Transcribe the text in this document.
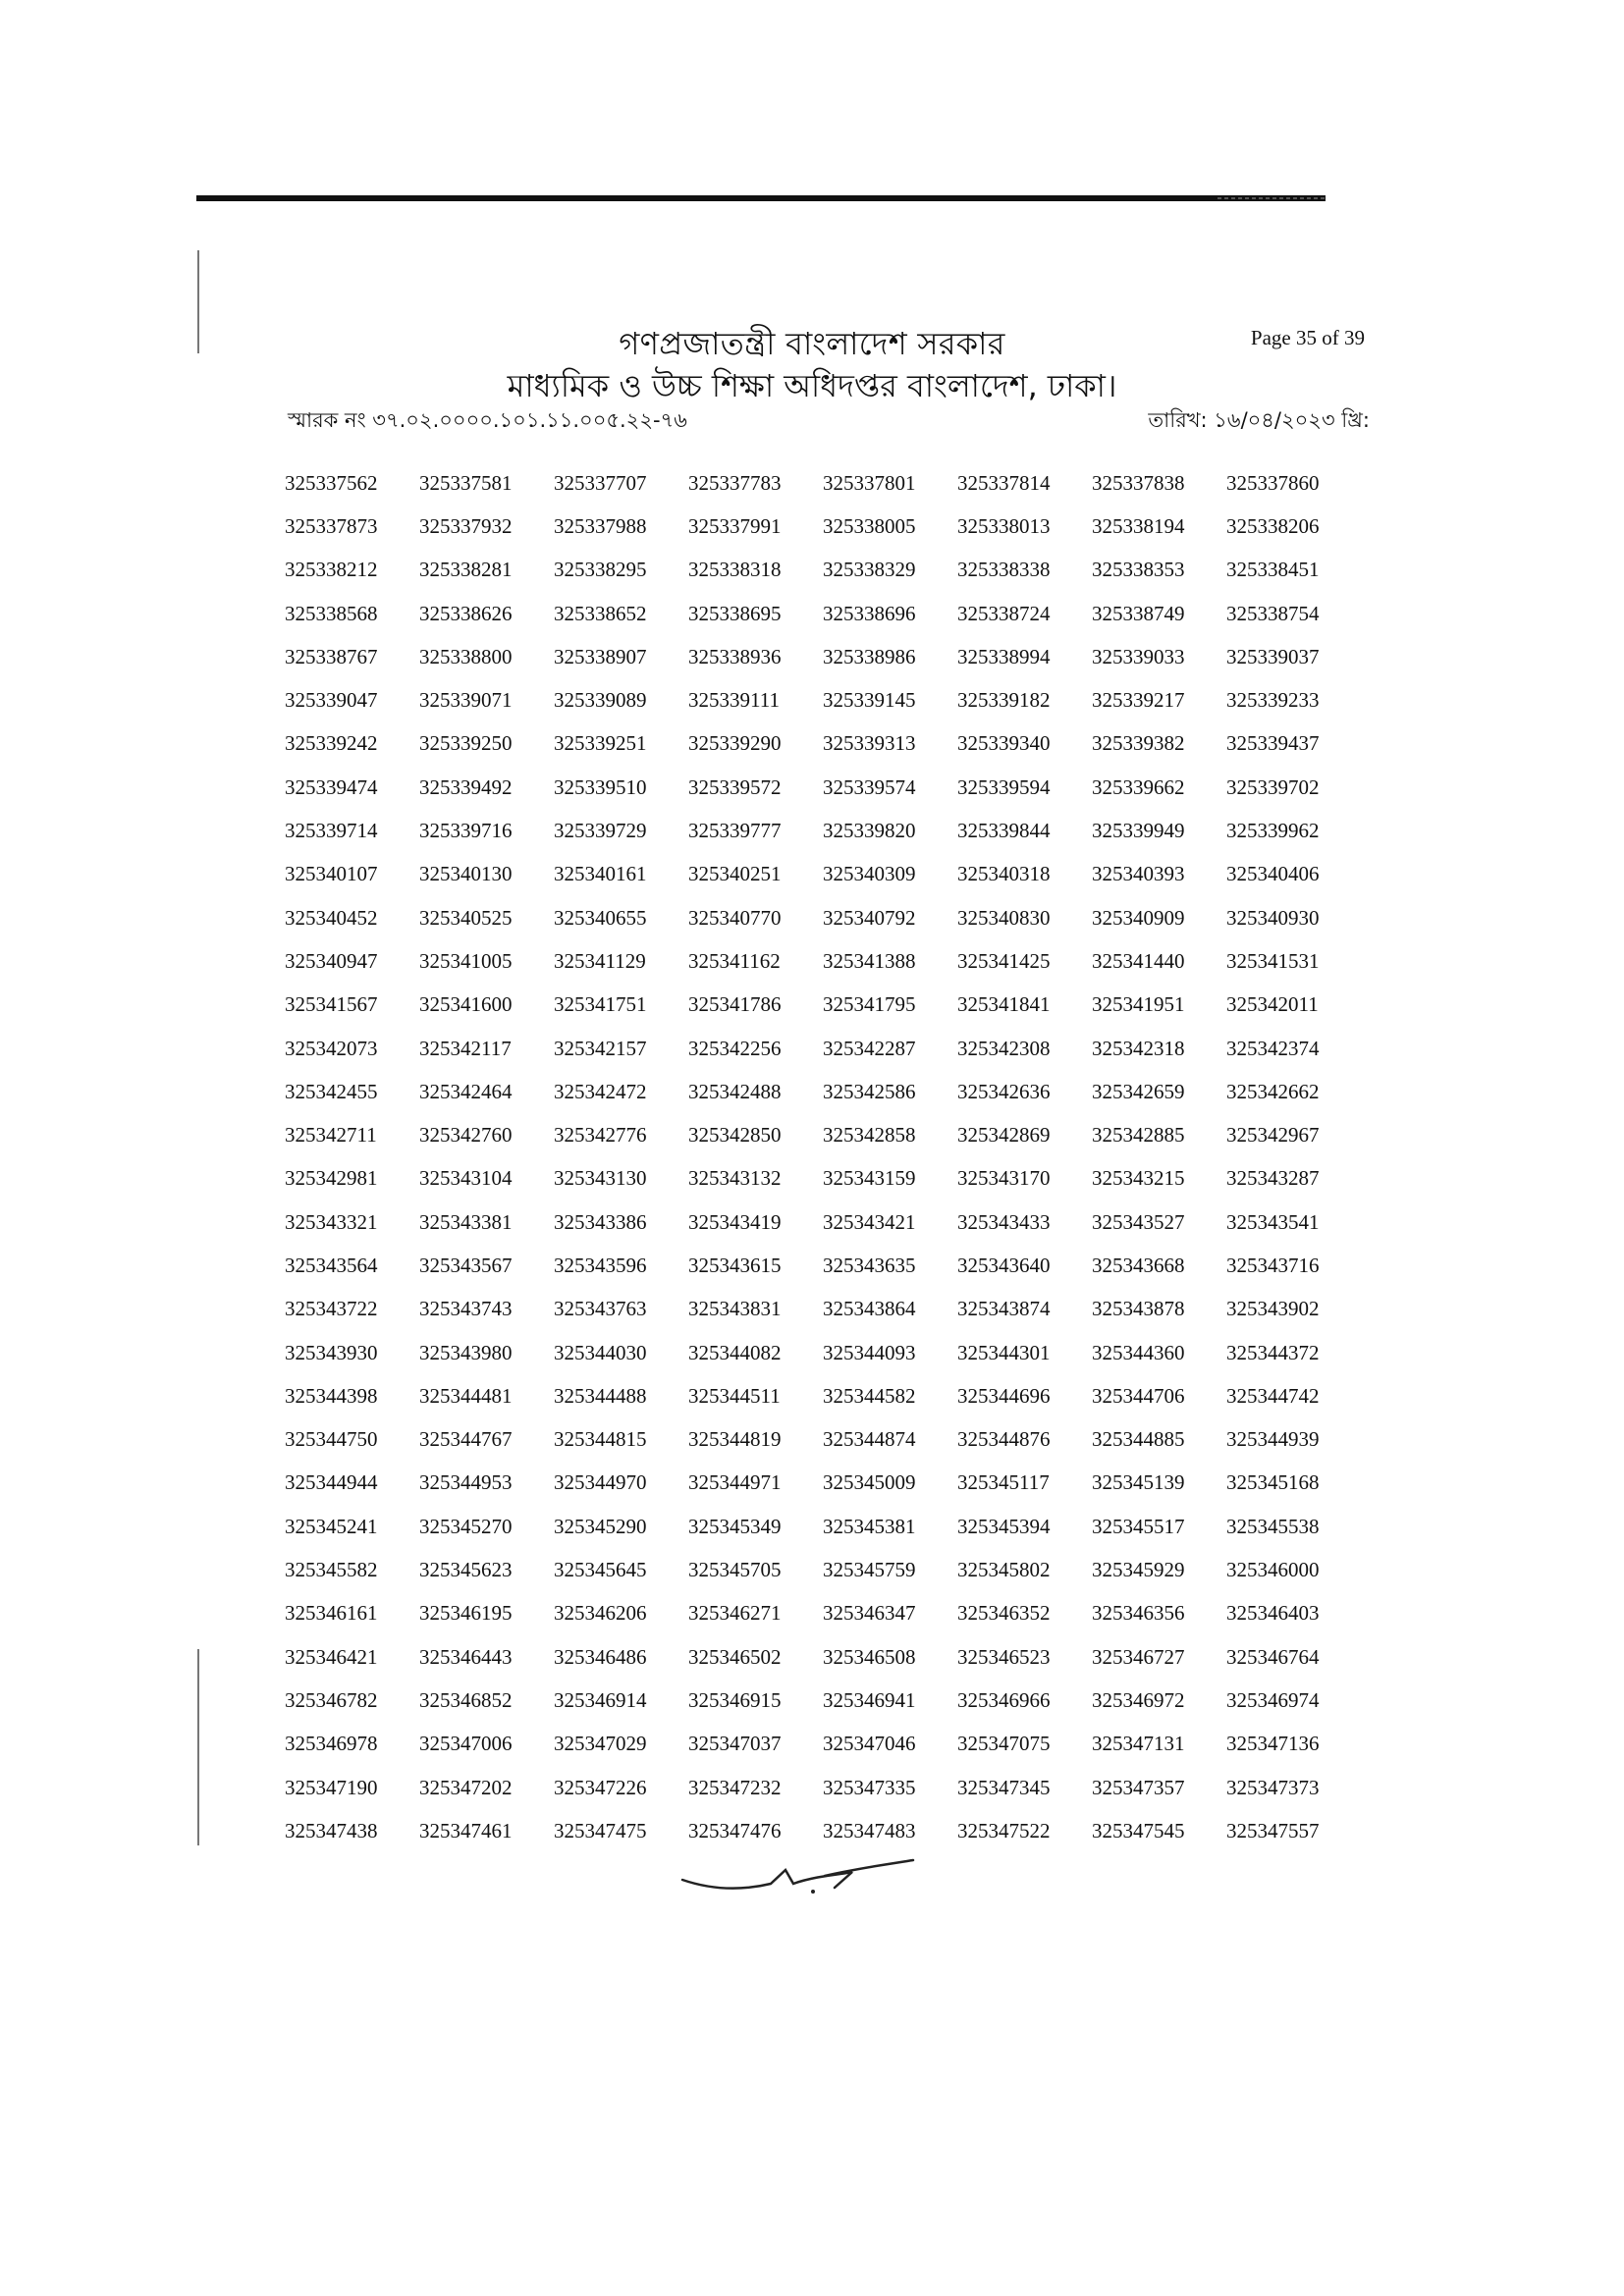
গণপ্রজাতন্ত্রী বাংলাদেশ সরকার
মাধ্যমিক ও উচ্চ শিক্ষা অধিদপ্তর বাংলাদেশ, ঢাকা।
Page 35 of 39
স্মারক নং ৩৭.০২.০০০০.১০১.১১.০০৫.২২-৭৬	তারিখ: ১৬/০৪/২০২৩ খ্রি:
325337562	325337581	325337707	325337783	325337801	325337814	325337838	325337860
325337873	325337932	325337988	325337991	325338005	325338013	325338194	325338206
325338212	325338281	325338295	325338318	325338329	325338338	325338353	325338451
325338568	325338626	325338652	325338695	325338696	325338724	325338749	325338754
325338767	325338800	325338907	325338936	325338986	325338994	325339033	325339037
325339047	325339071	325339089	325339111	325339145	325339182	325339217	325339233
325339242	325339250	325339251	325339290	325339313	325339340	325339382	325339437
325339474	325339492	325339510	325339572	325339574	325339594	325339662	325339702
325339714	325339716	325339729	325339777	325339820	325339844	325339949	325339962
325340107	325340130	325340161	325340251	325340309	325340318	325340393	325340406
325340452	325340525	325340655	325340770	325340792	325340830	325340909	325340930
325340947	325341005	325341129	325341162	325341388	325341425	325341440	325341531
325341567	325341600	325341751	325341786	325341795	325341841	325341951	325342011
325342073	325342117	325342157	325342256	325342287	325342308	325342318	325342374
325342455	325342464	325342472	325342488	325342586	325342636	325342659	325342662
325342711	325342760	325342776	325342850	325342858	325342869	325342885	325342967
325342981	325343104	325343130	325343132	325343159	325343170	325343215	325343287
325343321	325343381	325343386	325343419	325343421	325343433	325343527	325343541
325343564	325343567	325343596	325343615	325343635	325343640	325343668	325343716
325343722	325343743	325343763	325343831	325343864	325343874	325343878	325343902
325343930	325343980	325344030	325344082	325344093	325344301	325344360	325344372
325344398	325344481	325344488	325344511	325344582	325344696	325344706	325344742
325344750	325344767	325344815	325344819	325344874	325344876	325344885	325344939
325344944	325344953	325344970	325344971	325345009	325345117	325345139	325345168
325345241	325345270	325345290	325345349	325345381	325345394	325345517	325345538
325345582	325345623	325345645	325345705	325345759	325345802	325345929	325346000
325346161	325346195	325346206	325346271	325346347	325346352	325346356	325346403
325346421	325346443	325346486	325346502	325346508	325346523	325346727	325346764
325346782	325346852	325346914	325346915	325346941	325346966	325346972	325346974
325346978	325347006	325347029	325347037	325347046	325347075	325347131	325347136
325347190	325347202	325347226	325347232	325347335	325347345	325347357	325347373
325347438	325347461	325347475	325347476	325347483	325347522	325347545	325347557
